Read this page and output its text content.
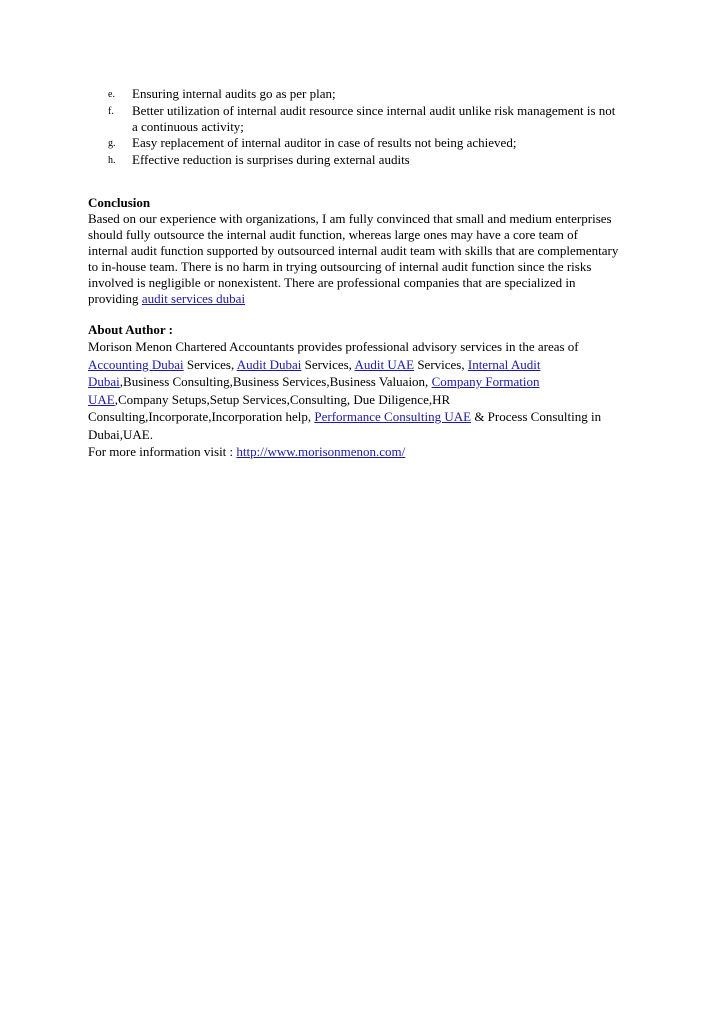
e.	Ensuring internal audits go as per plan;
f.	Better utilization of internal audit resource since internal audit unlike risk management is not
a continuous activity;
g.	Easy replacement of internal auditor in case of results not being achieved;
h.	Effective reduction is surprises during external audits
Conclusion
Based on our experience with organizations, I am fully convinced that small and medium enterprises
should fully outsource the internal audit function, whereas large ones may have a core team of
internal audit function supported by outsourced internal audit team with skills that are complementary
to in-house team. There is no harm in trying outsourcing of internal audit function since the risks
involved is negligible or nonexistent. There are professional companies that are specialized in
providing audit services dubai
About Author :
Morison Menon Chartered Accountants provides professional advisory services in the areas of
Accounting Dubai Services, Audit Dubai Services, Audit UAE Services, Internal Audit
Dubai,Business Consulting,Business Services,Business Valuaion, Company Formation
UAE,Company Setups,Setup Services,Consulting, Due Diligence,HR
Consulting,Incorporate,Incorporation help, Performance Consulting UAE & Process Consulting in
Dubai,UAE.
For more information visit : http://www.morisonmenon.com/
